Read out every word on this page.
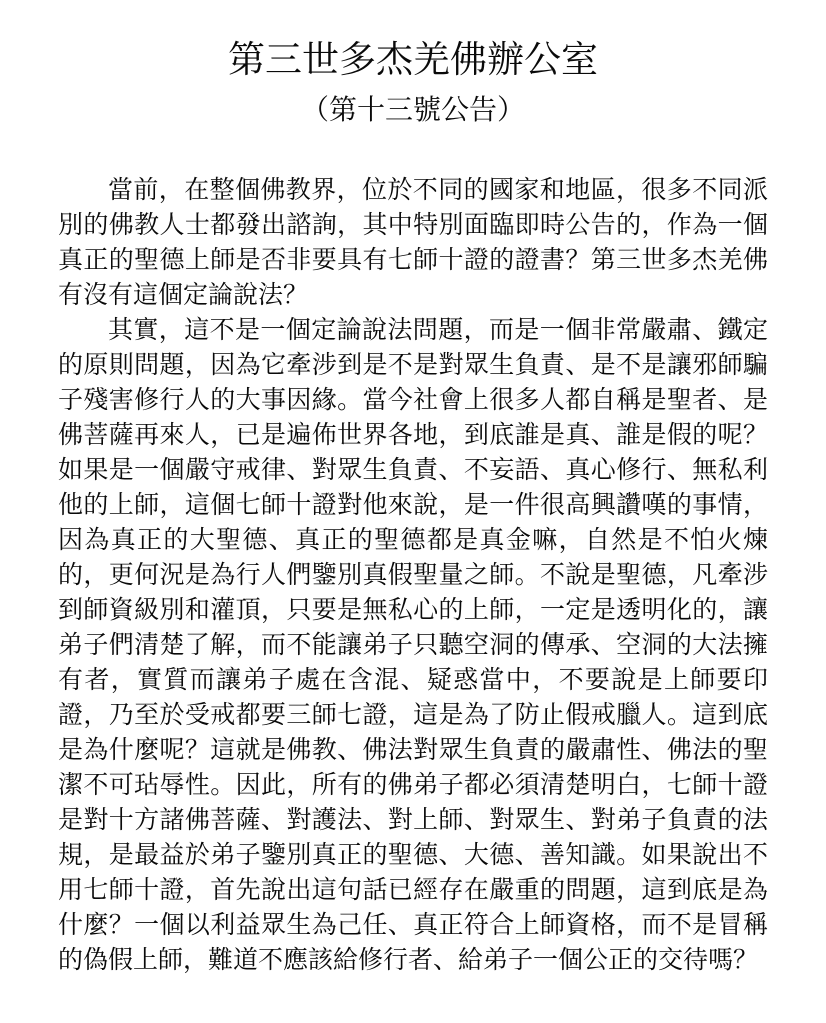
第三世多杰羌佛辦公室
（第十三號公告）
當前，在整個佛教界，位於不同的國家和地區，很多不同派
別的佛教人士都發出諮詢，其中特別面臨即時公告的，作為一個
真正的聖德上師是否非要具有七師十證的證書？第三世多杰羌佛
有沒有這個定論說法？
其實，這不是一個定論說法問題，而是一個非常嚴肅、鐵定
的原則問題，因為它牽涉到是不是對眾生負責、是不是讓邪師騙
子殘害修行人的大事因緣。當今社會上很多人都自稱是聖者、是
佛菩薩再來人，已是遍佈世界各地，到底誰是真、誰是假的呢？
如果是一個嚴守戒律、對眾生負責、不妄語、真心修行、無私利
他的上師，這個七師十證對他來說，是一件很高興讚嘆的事情，
因為真正的大聖德、真正的聖德都是真金嘛，自然是不怕火煉
的，更何況是為行人們鑒別真假聖量之師。不說是聖德，凡牽涉
到師資級別和灌頂，只要是無私心的上師，一定是透明化的，讓
弟子們清楚了解，而不能讓弟子只聽空洞的傳承、空洞的大法擁
有者，實質而讓弟子處在含混、疑惑當中，不要說是上師要印
證，乃至於受戒都要三師七證，這是為了防止假戒臘人。這到底
是為什麼呢？這就是佛教、佛法對眾生負責的嚴肅性、佛法的聖
潔不可玷辱性。因此，所有的佛弟子都必須清楚明白，七師十證
是對十方諸佛菩薩、對護法、對上師、對眾生、對弟子負責的法
規，是最益於弟子鑒別真正的聖德、大德、善知識。如果說出不
用七師十證，首先說出這句話已經存在嚴重的問題，這到底是為
什麼？一個以利益眾生為己任、真正符合上師資格，而不是冒稱
的偽假上師，難道不應該給修行者、給弟子一個公正的交待嗎？
